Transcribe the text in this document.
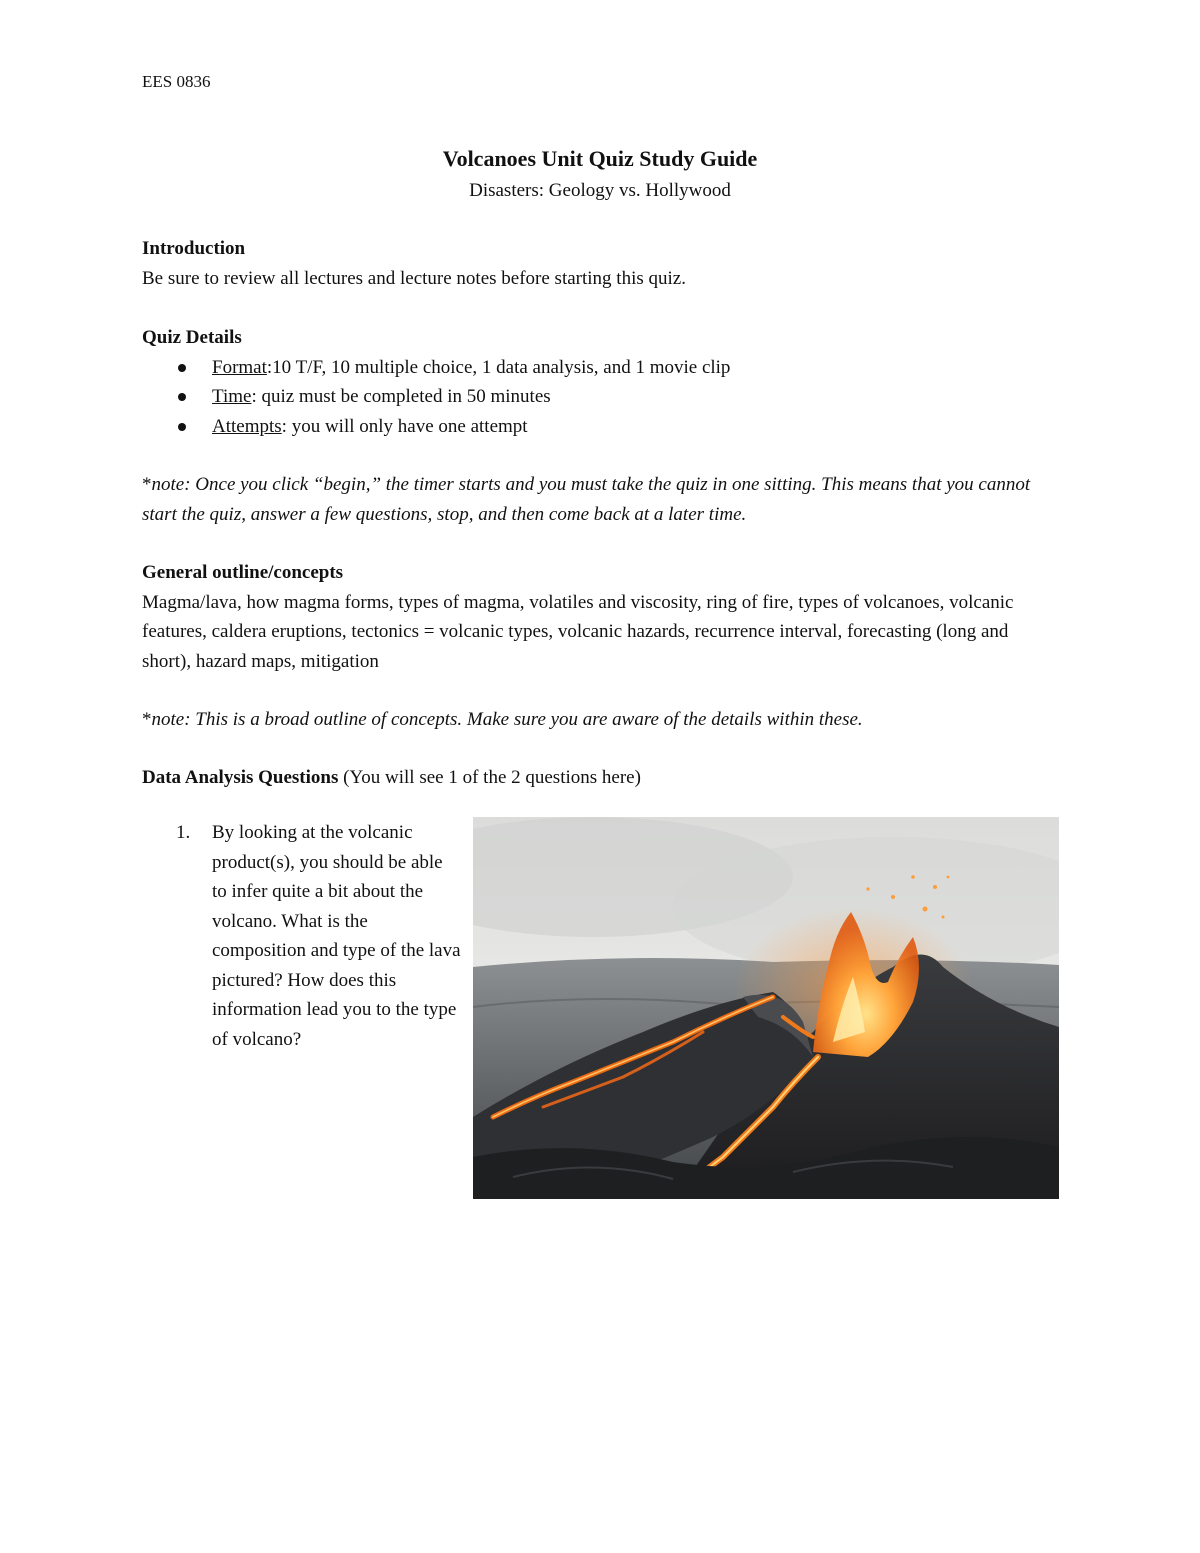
EES 0836
Volcanoes Unit Quiz Study Guide
Disasters: Geology vs. Hollywood
Introduction
Be sure to review all lectures and lecture notes before starting this quiz.
Quiz Details
Format:10 T/F, 10 multiple choice, 1 data analysis, and 1 movie clip
Time: quiz must be completed in 50 minutes
Attempts: you will only have one attempt
*note: Once you click “begin,” the timer starts and you must take the quiz in one sitting. This means that you cannot start the quiz, answer a few questions, stop, and then come back at a later time.
General outline/concepts
Magma/lava, how magma forms, types of magma, volatiles and viscosity, ring of fire, types of volcanoes, volcanic features, caldera eruptions, tectonics = volcanic types, volcanic hazards, recurrence interval, forecasting (long and short), hazard maps, mitigation
*note: This is a broad outline of concepts. Make sure you are aware of the details within these.
Data Analysis Questions (You will see 1 of the 2 questions here)
1. By looking at the volcanic product(s), you should be able to infer quite a bit about the volcano. What is the composition and type of the lava pictured? How does this information lead you to the type of volcano?
